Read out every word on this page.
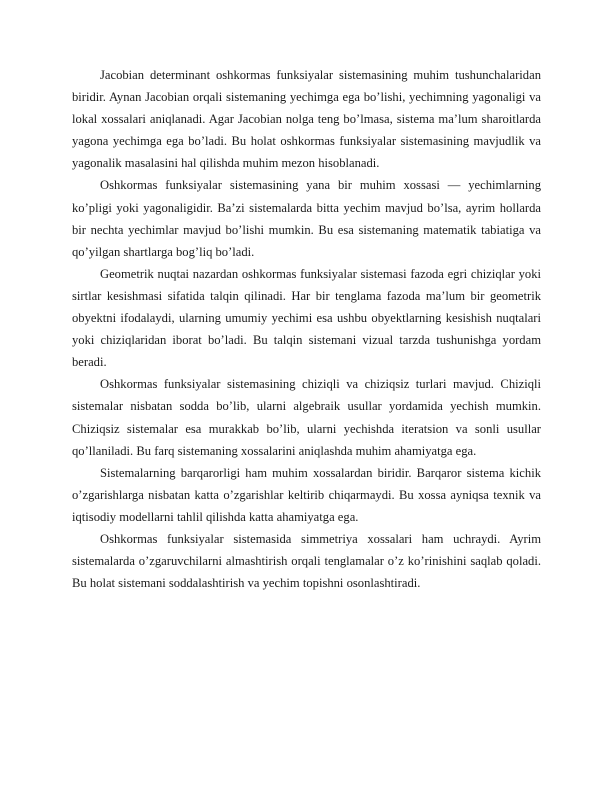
Jacobian determinant oshkormas funksiyalar sistemasining muhim tushunchalaridan biridir. Aynan Jacobian orqali sistemaning yechimga ega bo’lishi, yechimning yagonaligi va lokal xossalari aniqlanadi. Agar Jacobian nolga teng bo’lmasa, sistema ma’lum sharoitlarda yagona yechimga ega bo’ladi. Bu holat oshkormas funksiyalar sistemasining mavjudlik va yagonalik masalasini hal qilishda muhim mezon hisoblanadi.

Oshkormas funksiyalar sistemasining yana bir muhim xossasi — yechimlarning ko’pligi yoki yagonaligidir. Ba’zi sistemalarda bitta yechim mavjud bo’lsa, ayrim hollarda bir nechta yechimlar mavjud bo’lishi mumkin. Bu esa sistemaning matematik tabiatiga va qo’yilgan shartlarga bog’liq bo’ladi.

Geometrik nuqtai nazardan oshkormas funksiyalar sistemasi fazoda egri chiziqlar yoki sirtlar kesishmasi sifatida talqin qilinadi. Har bir tenglama fazoda ma’lum bir geometrik obyektni ifodalaydi, ularning umumiy yechimi esa ushbu obyektlarning kesishish nuqtalari yoki chiziqlaridan iborat bo’ladi. Bu talqin sistemani vizual tarzda tushunishga yordam beradi.

Oshkormas funksiyalar sistemasining chiziqli va chiziqsiz turlari mavjud. Chiziqli sistemalar nisbatan sodda bo’lib, ularni algebraik usullar yordamida yechish mumkin. Chiziqsiz sistemalar esa murakkab bo’lib, ularni yechishda iteratsion va sonli usullar qo’llaniladi. Bu farq sistemaning xossalarini aniqlashda muhim ahamiyatga ega.

Sistemalarning barqarorligi ham muhim xossalardan biridir. Barqaror sistema kichik o’zgarishlarga nisbatan katta o’zgarishlar keltirib chiqarmaydi. Bu xossa ayniqsa texnik va iqtisodiy modellarni tahlil qilishda katta ahamiyatga ega.

Oshkormas funksiyalar sistemasida simmetriya xossalari ham uchraydi. Ayrim sistemalarda o’zgaruvchilarni almashtirish orqali tenglamalar o’z ko’rinishini saqlab qoladi. Bu holat sistemani soddalashtirish va yechim topishni osonlashtiradi.
